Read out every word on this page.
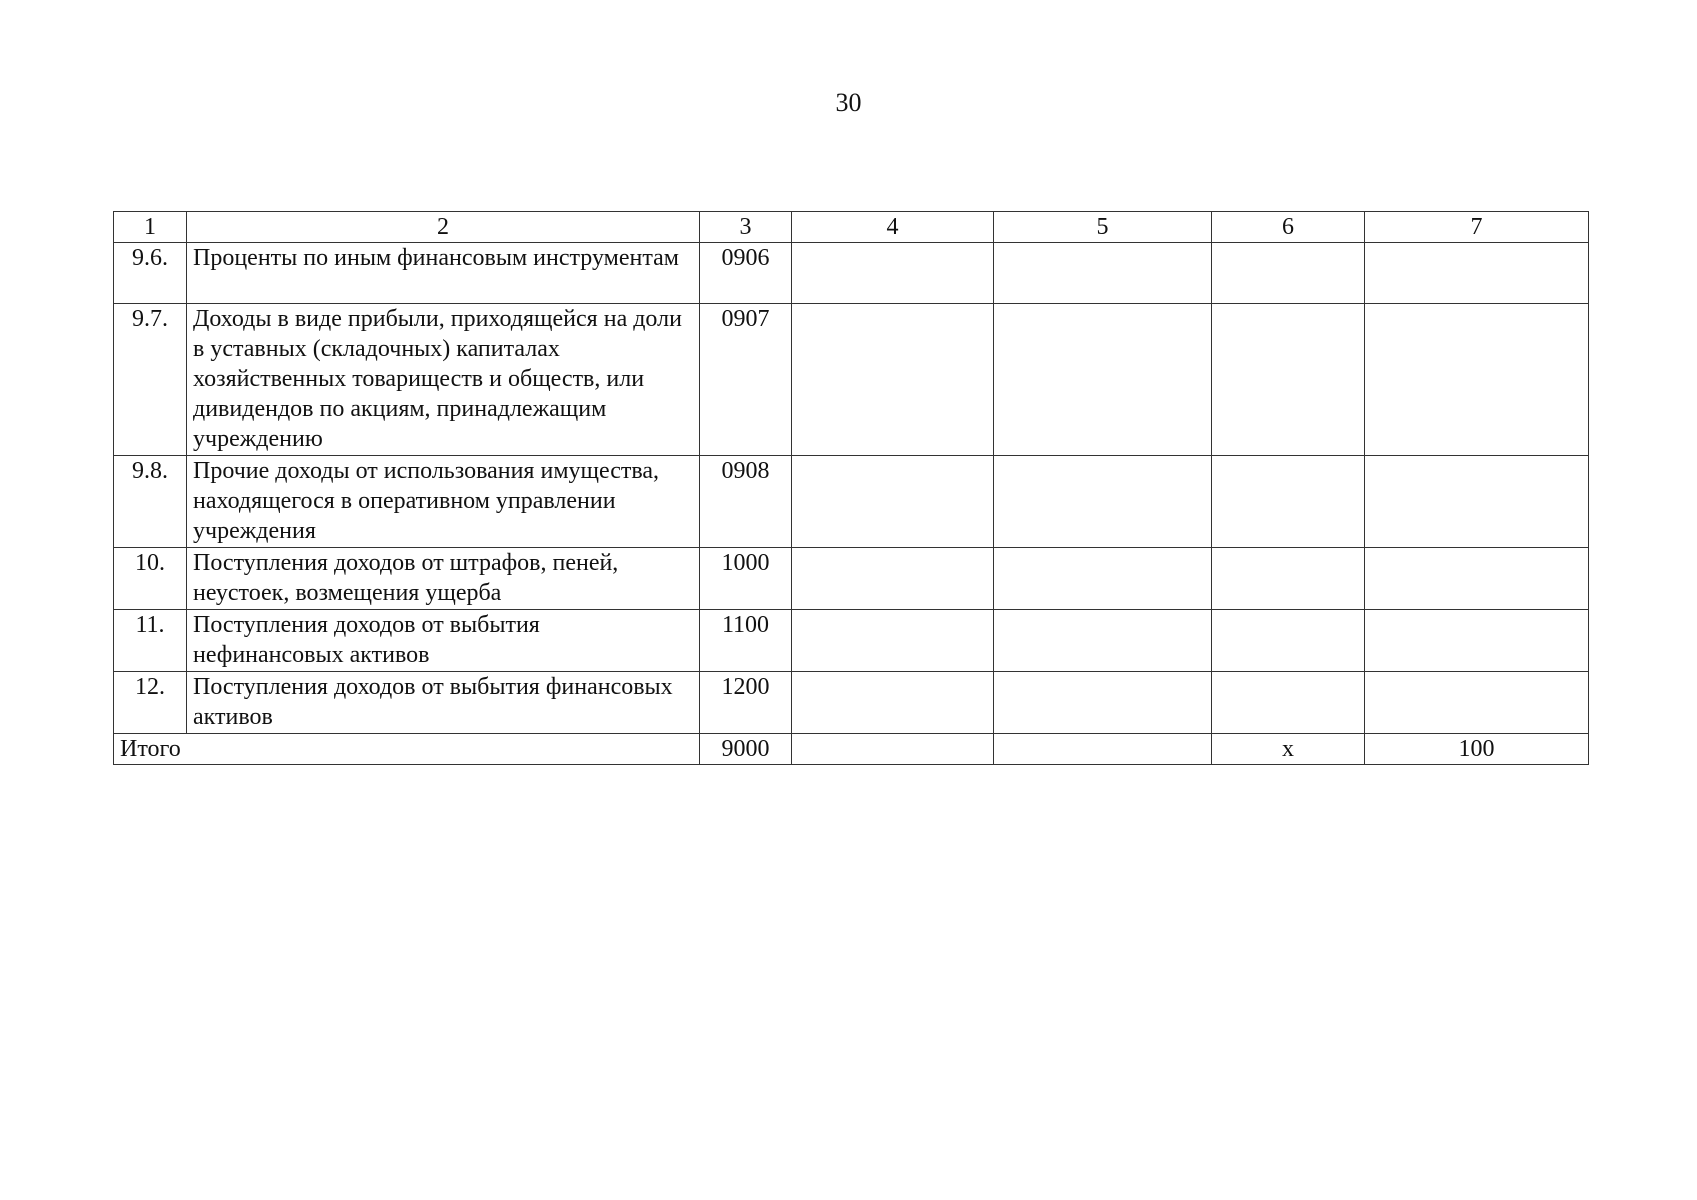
30
1	2	3	4	5	6	7
9.6.	Проценты по иным финансовым инструментам	0906				
9.7.	Доходы в виде прибыли, приходящейся на доли в уставных (складочных) капиталах хозяйственных товариществ и обществ, или дивидендов по акциям, принадлежащим учреждению	0907				
9.8.	Прочие доходы от использования имущества, находящегося в оперативном управлении учреждения	0908				
10.	Поступления доходов от штрафов, пеней, неустоек, возмещения ущерба	1000				
11.	Поступления доходов от выбытия нефинансовых активов	1100				
12.	Поступления доходов от выбытия финансовых активов	1200				
Итого		9000			x	100
